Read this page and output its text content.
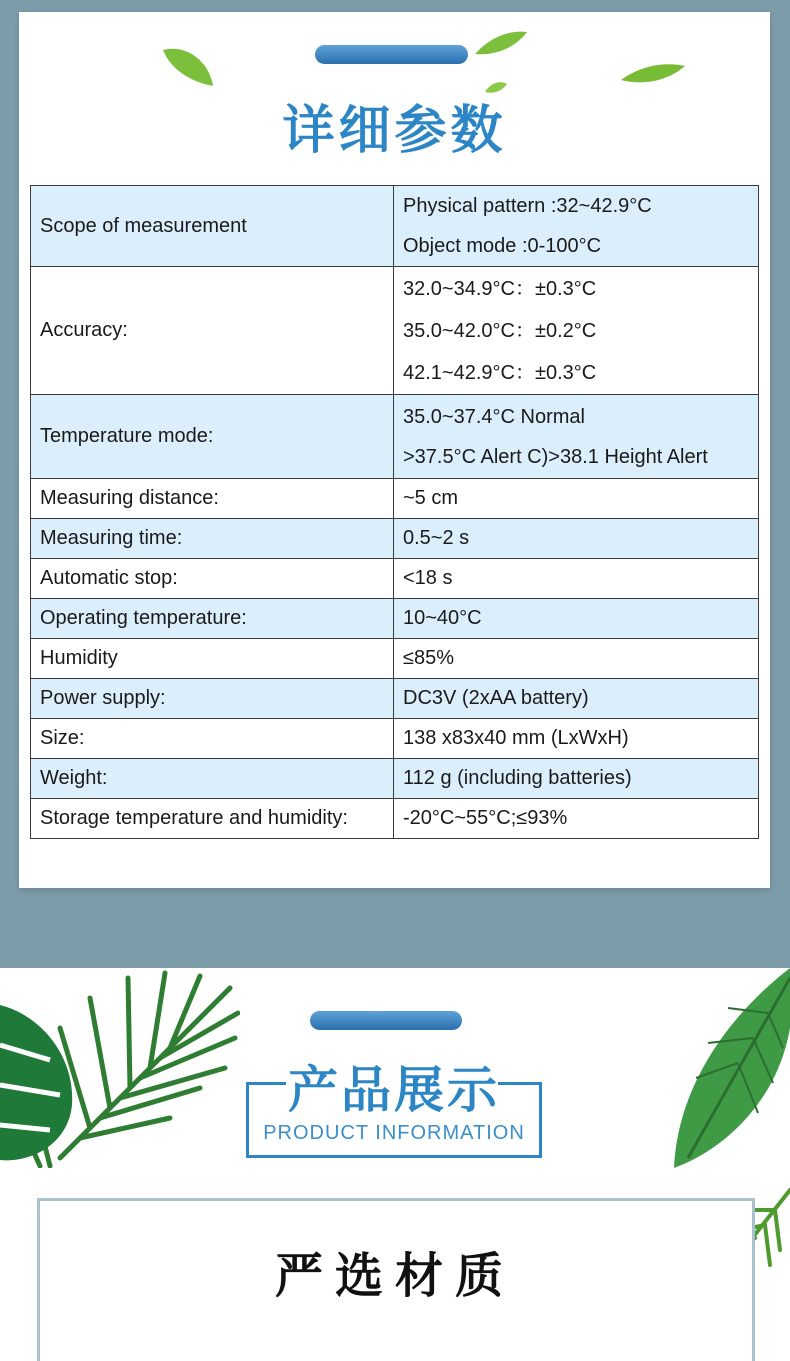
详细参数
Scope of measurement	Physical pattern :32~42.9°C
Object mode :0-100°C

Accuracy:	32.0~34.9°C：±0.3°C
35.0~42.0°C：±0.2°C
42.1~42.9°C：±0.3°C

Temperature mode:	35.0~37.4°C Normal
>37.5°C Alert C)>38.1 Height Alert

Measuring distance:	~5 cm
Measuring time:	0.5~2 s
Automatic stop:	<18 s
Operating temperature:	10~40°C
Humidity	≤85%
Power supply:	DC3V (2xAA battery)
Size:	138 x83x40 mm (LxWxH)
Weight:	112 g (including batteries)
Storage temperature and humidity:	-20°C~55°C;≤93%
产品展示
PRODUCT INFORMATION
严选材质
